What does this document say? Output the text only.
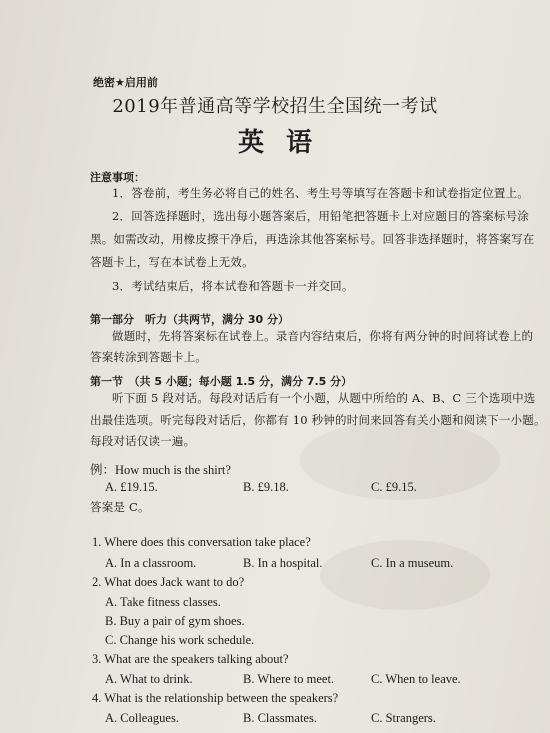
绝密★启用前
2019年普通高等学校招生全国统一考试
英语
注意事项：
1．答卷前，考生务必将自己的姓名、考生号等填写在答题卡和试卷指定位置上。
2．回答选择题时，选出每小题答案后，用铅笔把答题卡上对应题目的答案标号涂
黑。如需改动，用橡皮擦干净后，再选涂其他答案标号。回答非选择题时，将答案写在
答题卡上，写在本试卷上无效。
3．考试结束后，将本试卷和答题卡一并交回。
第一部分　听力（共两节，满分 30 分）
做题时，先将答案标在试卷上。录音内容结束后，你将有两分钟的时间将试卷上的
答案转涂到答题卡上。
第一节　（共 5 小题；每小题 1.5 分，满分 7.5 分）
听下面 5 段对话。每段对话后有一个小题，从题中所给的 A、B、C 三个选项中选
出最佳选项。听完每段对话后，你都有 10 秒钟的时间来回答有关小题和阅读下一小题。
每段对话仅读一遍。
例：How much is the shirt?
A. £19.15.	B. £9.18.	C. £9.15.
答案是 C。
1. Where does this conversation take place?
A. In a classroom.	B. In a hospital.	C. In a museum.
2. What does Jack want to do?
A. Take fitness classes.
B. Buy a pair of gym shoes.
C. Change his work schedule.
3. What are the speakers talking about?
A. What to drink.	B. Where to meet.	C. When to leave.
4. What is the relationship between the speakers?
A. Colleagues.	B. Classmates.	C. Strangers.
